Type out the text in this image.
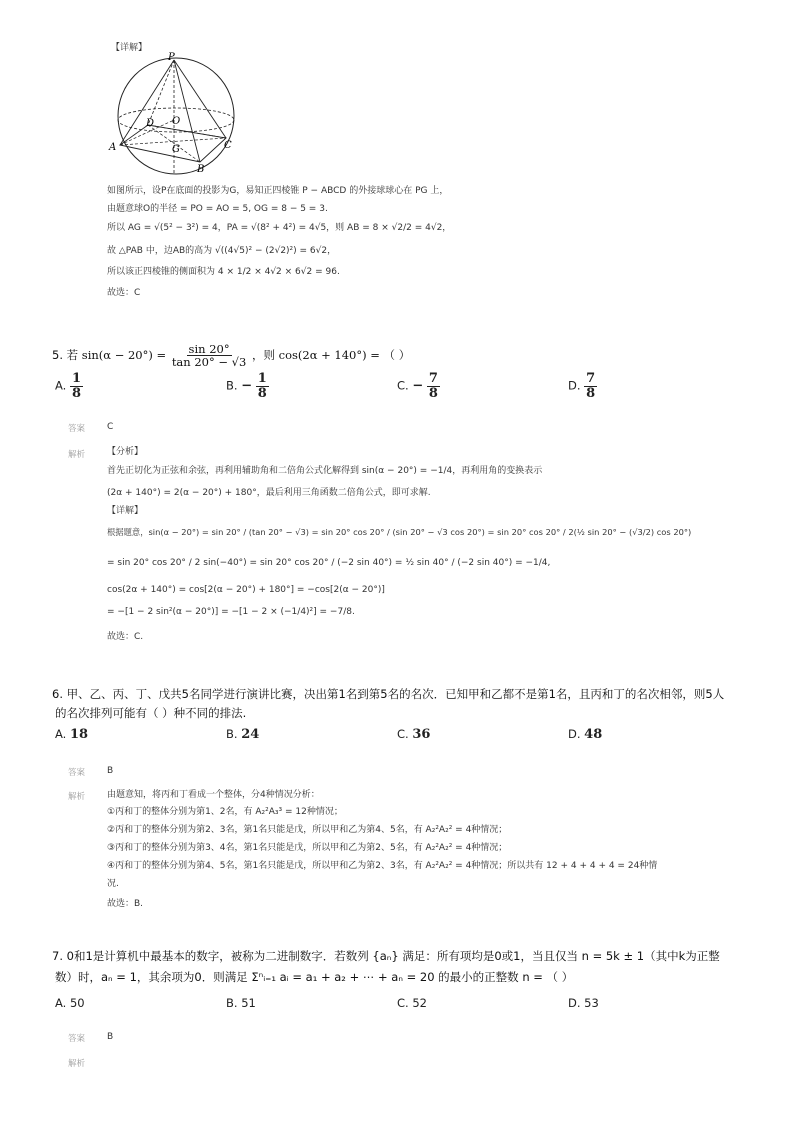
【详解】
P
D O
A	G	C
B
如图所示，设P在底面的投影为G，易知正四棱锥 P − ABCD 的外接球球心在 PG 上，
由题意球O的半径 = PO = AO = 5, OG = 8 − 5 = 3.
所以 AG = √(5² − 3²) = 4，PA = √(8² + 4²) = 4√5，则 AB = 8 × √2/2 = 4√2，
故 △PAB 中，边AB的高为 √((4√5)² − (2√2)²) = 6√2，
所以该正四棱锥的侧面积为 4 × 1/2 × 4√2 × 6√2 = 96.
故选：C
5. 若 $\sin(\alpha - 20^\circ) = \frac{\sin 20^\circ}{\tan 20^\circ - √3}$ ，则 cos(2α + 140°) = （ ）
A. $\frac{1}{8}$	B. − $\frac{1}{8}$	C. − $\frac{7}{8}$	D. $\frac{7}{8}$
答案 C
解析 【分析】
首先正切化为正弦和余弦，再利用辅助角和二倍角公式化解得到 sin(α − 20°) = −1/4，再利用角的变换表示
(2α + 140°) = 2(α − 20°) + 180°，最后利用三角函数二倍角公式，即可求解.
【详解】
根据题意，sin(α − 20°) = sin 20° / (tan 20° − √3) = sin 20° cos 20° / (sin 20° − √3 cos 20°) = sin 20° cos 20° / 2(½ sin 20° − (√3/2) cos 20°)
= sin 20° cos 20° / 2 sin(−40°) = sin 20° cos 20° / (−2 sin 40°) = ½ sin 40° / (−2 sin 40°) = −1/4,
cos(2α + 140°) = cos[2(α − 20°) + 180°] = −cos[2(α − 20°)]
= −[1 − 2 sin²(α − 20°)] = −[1 − 2 × (−1/4)²] = −7/8.
故选：C.
6. 甲、乙、丙、丁、戊共5名同学进行演讲比赛，决出第1名到第5名的名次．已知甲和乙都不是第1名，且丙和丁的名次相邻，则5人
的名次排列可能有（ ）种不同的排法.
A. 18	B. 24	C. 36	D. 48
答案 B
解析 由题意知，将丙和丁看成一个整体，分4种情况分析：
①丙和丁的整体分别为第1、2名，有 A₂²A₃³ = 12种情况；
②丙和丁的整体分别为第2、3名，第1名只能是戊，所以甲和乙为第4、5名，有 A₂²A₂² = 4种情况；
③丙和丁的整体分别为第3、4名，第1名只能是戊，所以甲和乙为第2、5名，有 A₂²A₂² = 4种情况；
④丙和丁的整体分别为第4、5名，第1名只能是戊，所以甲和乙为第2、3名，有 A₂²A₂² = 4种情况；所以共有 12 + 4 + 4 + 4 = 24种情
况.
故选：B.
7. 0和1是计算机中最基本的数字，被称为二进制数字．若数列 {aₙ} 满足：所有项均是0或1，当且仅当 n = 5k ± 1（其中k为正整
数）时，aₙ = 1，其余项为0．则满足 Σⁿᵢ₌₁ aᵢ = a₁ + a₂ + ⋯ + aₙ = 20 的最小的正整数 n = （ ）
A. 50	B. 51	C. 52	D. 53
答案 B
解析
